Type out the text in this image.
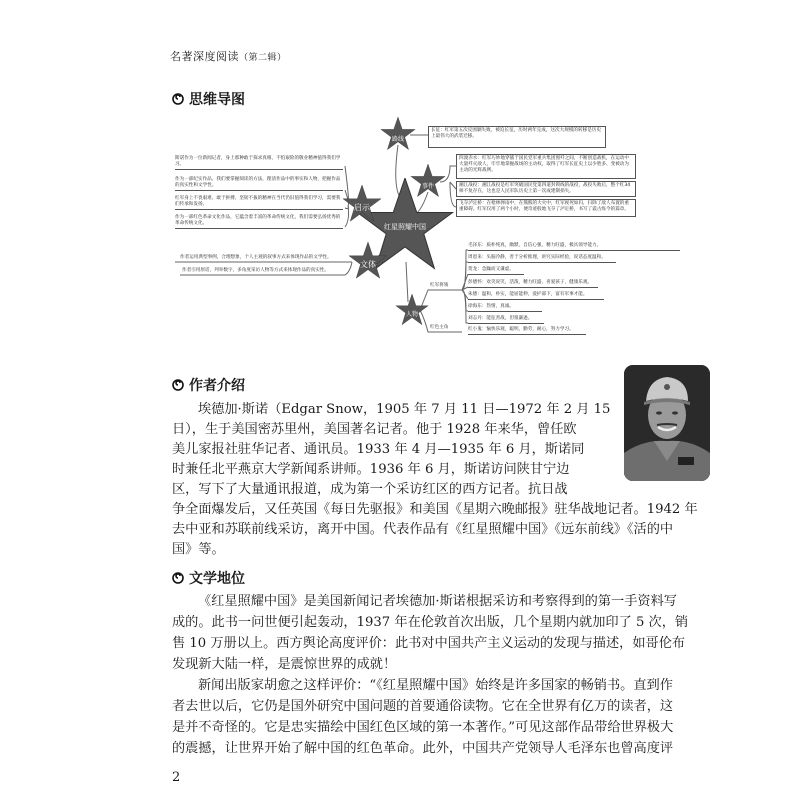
名著
深度阅读（第二辑）
思维导图
红星照耀中国
路线
事件
启示
文体
人物
长征：红军第五次反围剿失败，被迫长征，历时两年完成，这次大规模的转移是历史上最伟大的武装迁移。
四渡赤水：红军巧妙地穿插于国民党军重兵集团围歼之间，不断创造战机，在运动中大量歼灭敌人，牢牢地掌握战场的主动权，取得了红军长征史上以少胜多、变被动为主动的光辉战例。
湘江战役：湘江战役是红军突破国民党第四道封锁线的战役，战役失败后，整个红34师不复存在，这也是人民军队历史上第一次成建制损失。
飞夺泸定桥：在枪林弹雨中，在熊熊的大火中，红军视死如归，扫除了敌人布置的重重障碍。红军仅用了两个小时，便奇迹般地飞夺了泸定桥，书写了震古烁今的篇章。
斯诺作为一位新闻记者，身上那种敢于探求真相、不怕艰险的敬业精神值得我们学习。
作为一部纪实作品，我们要掌握阅读的方法，理清作品中的事实和人物，把握作品的真实性和文学性。
红军身上不畏艰难、敢于拼搏、坚韧不拔的精神在当代仍旧值得我们学习，需要我们传承和发扬。
作为一部红色革命文化作品，它蕴含着丰富的革命传统文化，我们需要弘扬优秀的革命传统文化。
作者运用典型事例，合理想象，个人主观的叙事方式来体现作品的文学性。
作者引用原话，列举数字，多角度采访人物等方式来体现作品的真实性。
红军将领
红色主角
毛泽东：质朴纯真，幽默，自信心强，精力旺盛，极具领导能力。
周恩来：头脑冷静，善于分析推理，讲究实际经验，说话态度温和。
贺龙：急躁而又谦虚。
彭德怀：欢笑说笑，活泼，精力旺盛，喜爱孩子，健康乐观。
朱德：温和，朴实，能屈能伸，爱护部下，富有军事才能。
徐海东：热情，真诚。
刘志丹：能征善战，但很谦逊。
红小鬼：愉快乐观，聪明，勤劳，耐心，努力学习。
作者介绍
埃德加·斯诺（Edgar Snow，1905 年 7 月 11 日—1972 年 2 月 15
日），生于美国密苏里州，美国著名记者。他于 1928 年来华，曾任欧
美儿家报社驻华记者、通讯员。1933 年 4 月—1935 年 6 月，斯诺同
时兼任北平燕京大学新闻系讲师。1936 年 6 月，斯诺访问陕甘宁边
区，写下了大量通讯报道，成为第一个采访红区的西方记者。抗日战
争全面爆发后，又任英国《每日先驱报》和美国《星期六晚邮报》驻华战地记者。1942 年
去中亚和苏联前线采访，离开中国。代表作品有《红星照耀中国》《远东前线》《活的中
国》等。
文学地位
《红星照耀中国》是美国新闻记者埃德加·斯诺根据采访和考察得到的第一手资料写
成的。此书一问世便引起轰动，1937 年在伦敦首次出版，几个星期内就加印了 5 次，销
售 10 万册以上。西方舆论高度评价：此书对中国共产主义运动的发现与描述，如哥伦布
发现新大陆一样，是震惊世界的成就！
新闻出版家胡愈之这样评价：“《红星照耀中国》始终是许多国家的畅销书。直到作
者去世以后，它仍是国外研究中国问题的首要通俗读物。它在全世界有亿万的读者，这
是并不奇怪的。它是忠实描绘中国红色区域的第一本著作。”可见这部作品带给世界极大
的震撼，让世界开始了解中国的红色革命。此外，中国共产党领导人毛泽东也曾高度评
2
